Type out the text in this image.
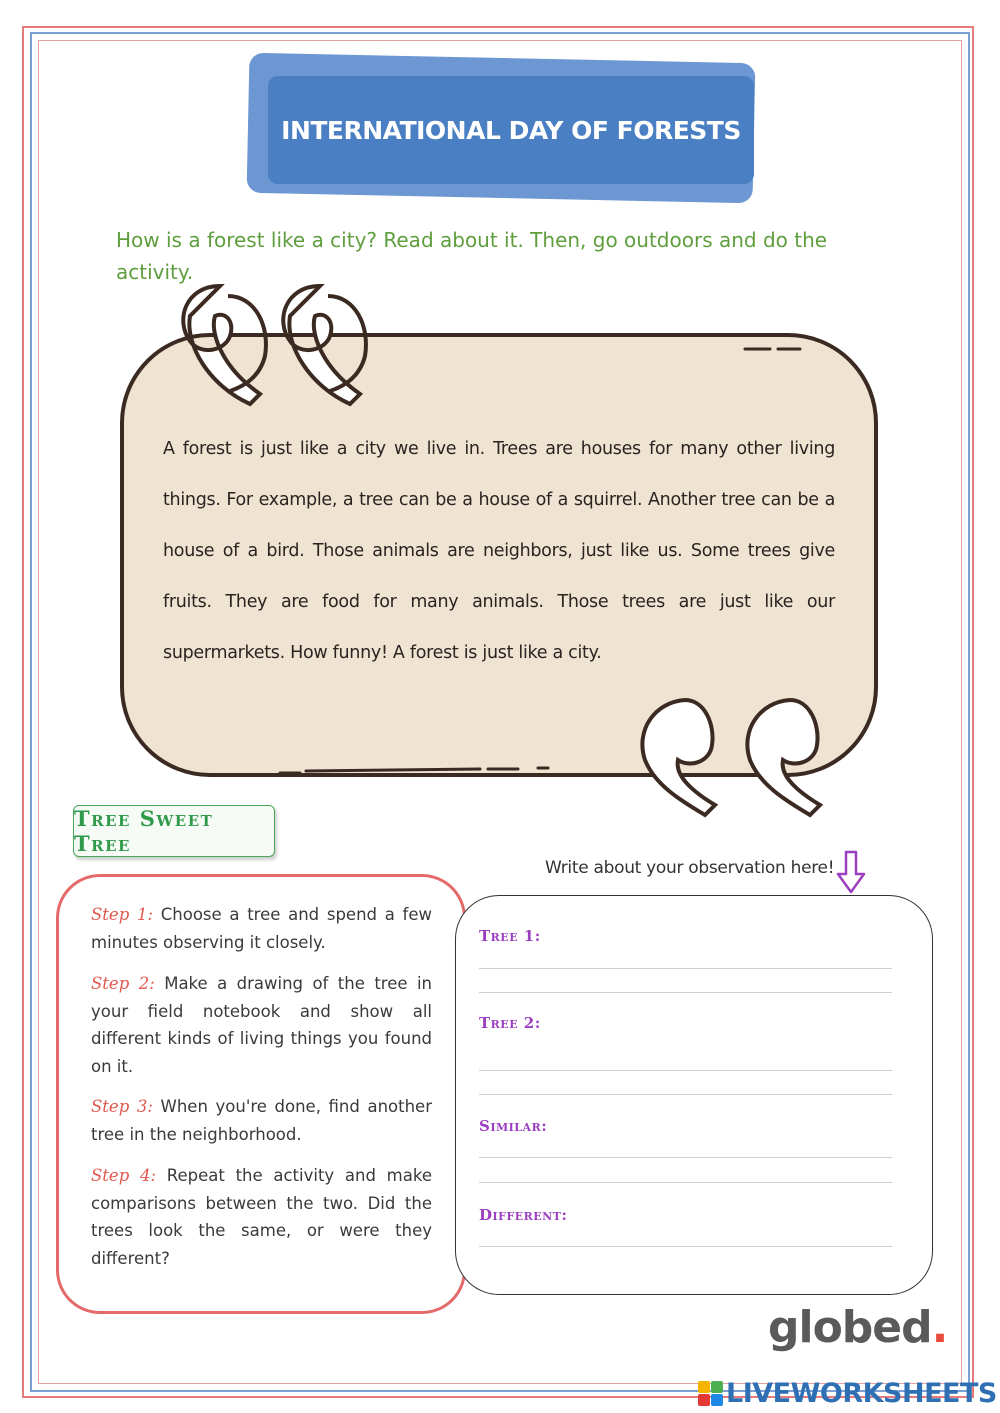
INTERNATIONAL DAY OF FORESTS
How is a forest like a city? Read about it. Then, go outdoors and do the activity.
A forest is just like a city we live in. Trees are houses for many other living things. For example, a tree can be a house of a squirrel. Another tree can be a house of a bird. Those animals are neighbors, just like us. Some trees give fruits. They are food for many animals. Those trees are just like our supermarkets. How funny! A forest is just like a city.
Tree Sweet Tree
Step 1: Choose a tree and spend a few minutes observing it closely.
Step 2: Make a drawing of the tree in your field notebook and show all different kinds of living things you found on it.
Step 3: When you're done, find another tree in the neighborhood.
Step 4: Repeat the activity and make comparisons between the two. Did the trees look the same, or were they different?
Write about your observation here!
Tree 1:
Tree 2:
Similar:
Different:
globed.
LIVEWORKSHEETS
